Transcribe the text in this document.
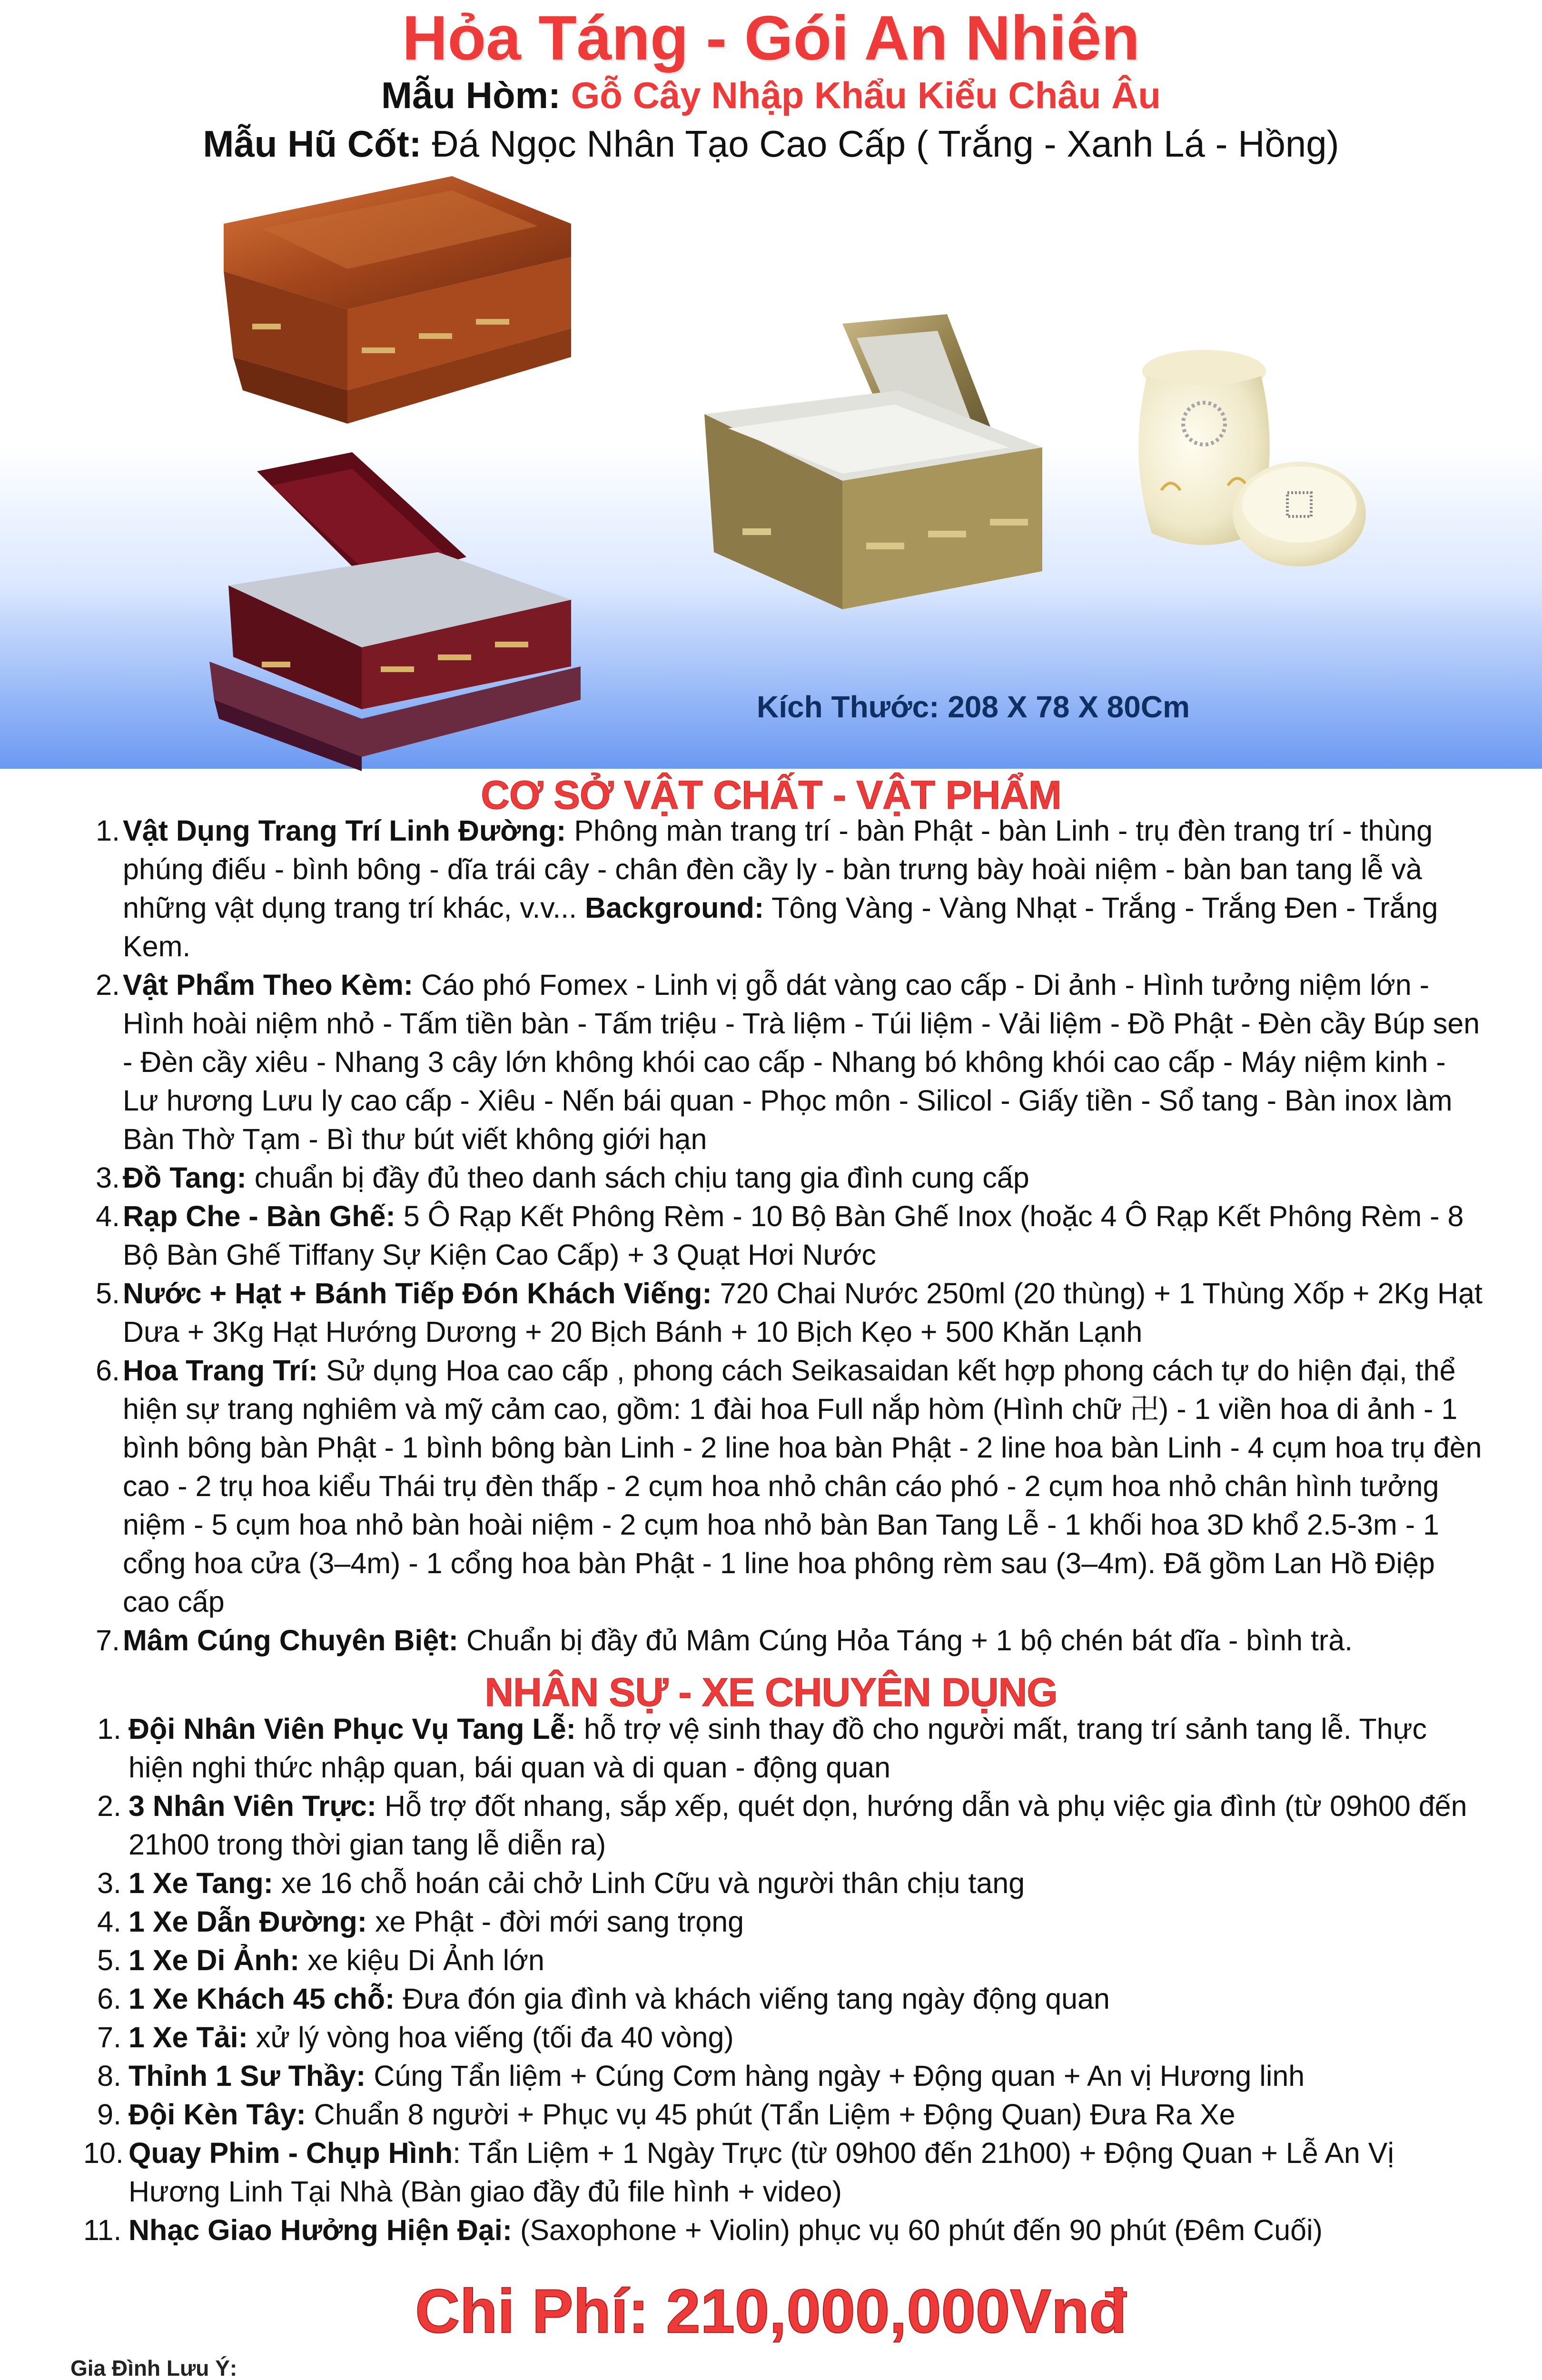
Hỏa Táng - Gói An Nhiên
Mẫu Hòm: Gỗ Cây Nhập Khẩu Kiểu Châu Âu
Mẫu Hũ Cốt: Đá Ngọc Nhân Tạo Cao Cấp ( Trắng - Xanh Lá - Hồng)
Kích Thước: 208 X 78 X 80Cm
CƠ SỞ VẬT CHẤT - VẬT PHẨM
1. Vật Dụng Trang Trí Linh Đường: Phông màn trang trí - bàn Phật - bàn Linh - trụ đèn trang trí - thùng phúng điếu - bình bông - dĩa trái cây - chân đèn cầy ly - bàn trưng bày hoài niệm - bàn ban tang lễ và những vật dụng trang trí khác, v.v... Background: Tông Vàng - Vàng Nhạt - Trắng - Trắng Đen - Trắng Kem.
2. Vật Phẩm Theo Kèm: Cáo phó Fomex - Linh vị gỗ dát vàng cao cấp - Di ảnh - Hình tưởng niệm lớn - Hình hoài niệm nhỏ - Tấm tiền bàn - Tấm triệu - Trà liệm - Túi liệm - Vải liệm - Đồ Phật - Đèn cầy Búp sen - Đèn cầy xiêu - Nhang 3 cây lớn không khói cao cấp - Nhang bó không khói cao cấp - Máy niệm kinh - Lư hương Lưu ly cao cấp - Xiêu - Nến bái quan - Phọc môn - Silicol - Giấy tiền - Sổ tang - Bàn inox làm Bàn Thờ Tạm - Bì thư bút viết không giới hạn
3. Đồ Tang: chuẩn bị đầy đủ theo danh sách chịu tang gia đình cung cấp
4. Rạp Che - Bàn Ghế: 5 Ô Rạp Kết Phông Rèm - 10 Bộ Bàn Ghế Inox (hoặc 4 Ô Rạp Kết Phông Rèm - 8 Bộ Bàn Ghế Tiffany Sự Kiện Cao Cấp) + 3 Quạt Hơi Nước
5. Nước + Hạt + Bánh Tiếp Đón Khách Viếng: 720 Chai Nước 250ml (20 thùng) + 1 Thùng Xốp + 2Kg Hạt Dưa + 3Kg Hạt Hướng Dương + 20 Bịch Bánh + 10 Bịch Kẹo + 500 Khăn Lạnh
6. Hoa Trang Trí: Sử dụng Hoa cao cấp , phong cách Seikasaidan kết hợp phong cách tự do hiện đại, thể hiện sự trang nghiêm và mỹ cảm cao, gồm: 1 đài hoa Full nắp hòm (Hình chữ 卍) - 1 viền hoa di ảnh - 1 bình bông bàn Phật - 1 bình bông bàn Linh - 2 line hoa bàn Phật - 2 line hoa bàn Linh - 4 cụm hoa trụ đèn cao - 2 trụ hoa kiểu Thái trụ đèn thấp - 2 cụm hoa nhỏ chân cáo phó - 2 cụm hoa nhỏ chân hình tưởng niệm - 5 cụm hoa nhỏ bàn hoài niệm - 2 cụm hoa nhỏ bàn Ban Tang Lễ - 1 khối hoa 3D khổ 2.5-3m - 1 cổng hoa cửa (3–4m) - 1 cổng hoa bàn Phật - 1 line hoa phông rèm sau (3–4m). Đã gồm Lan Hồ Điệp cao cấp
7. Mâm Cúng Chuyên Biệt: Chuẩn bị đầy đủ Mâm Cúng Hỏa Táng + 1 bộ chén bát dĩa - bình trà.
NHÂN SỰ - XE CHUYÊN DỤNG
1. Đội Nhân Viên Phục Vụ Tang Lễ: hỗ trợ vệ sinh thay đồ cho người mất, trang trí sảnh tang lễ. Thực hiện nghi thức nhập quan, bái quan và di quan - động quan
2. 3 Nhân Viên Trực: Hỗ trợ đốt nhang, sắp xếp, quét dọn, hướng dẫn và phụ việc gia đình (từ 09h00 đến 21h00 trong thời gian tang lễ diễn ra)
3. 1 Xe Tang: xe 16 chỗ hoán cải chở Linh Cữu và người thân chịu tang
4. 1 Xe Dẫn Đường: xe Phật - đời mới sang trọng
5. 1 Xe Di Ảnh: xe kiệu Di Ảnh lớn
6. 1 Xe Khách 45 chỗ: Đưa đón gia đình và khách viếng tang ngày động quan
7. 1 Xe Tải: xử lý vòng hoa viếng (tối đa 40 vòng)
8. Thỉnh 1 Sư Thầy: Cúng Tẩn liệm + Cúng Cơm hàng ngày + Động quan + An vị Hương linh
9. Đội Kèn Tây: Chuẩn 8 người + Phục vụ 45 phút (Tẩn Liệm + Động Quan) Đưa Ra Xe
10. Quay Phim - Chụp Hình: Tẩn Liệm + 1 Ngày Trực (từ 09h00 đến 21h00) + Động Quan + Lễ An Vị Hương Linh Tại Nhà (Bàn giao đầy đủ file hình + video)
11. Nhạc Giao Hưởng Hiện Đại: (Saxophone + Violin) phục vụ 60 phút đến 90 phút (Đêm Cuối)
Chi Phí: 210,000,000Vnđ

Gia Đình Lưu Ý:
